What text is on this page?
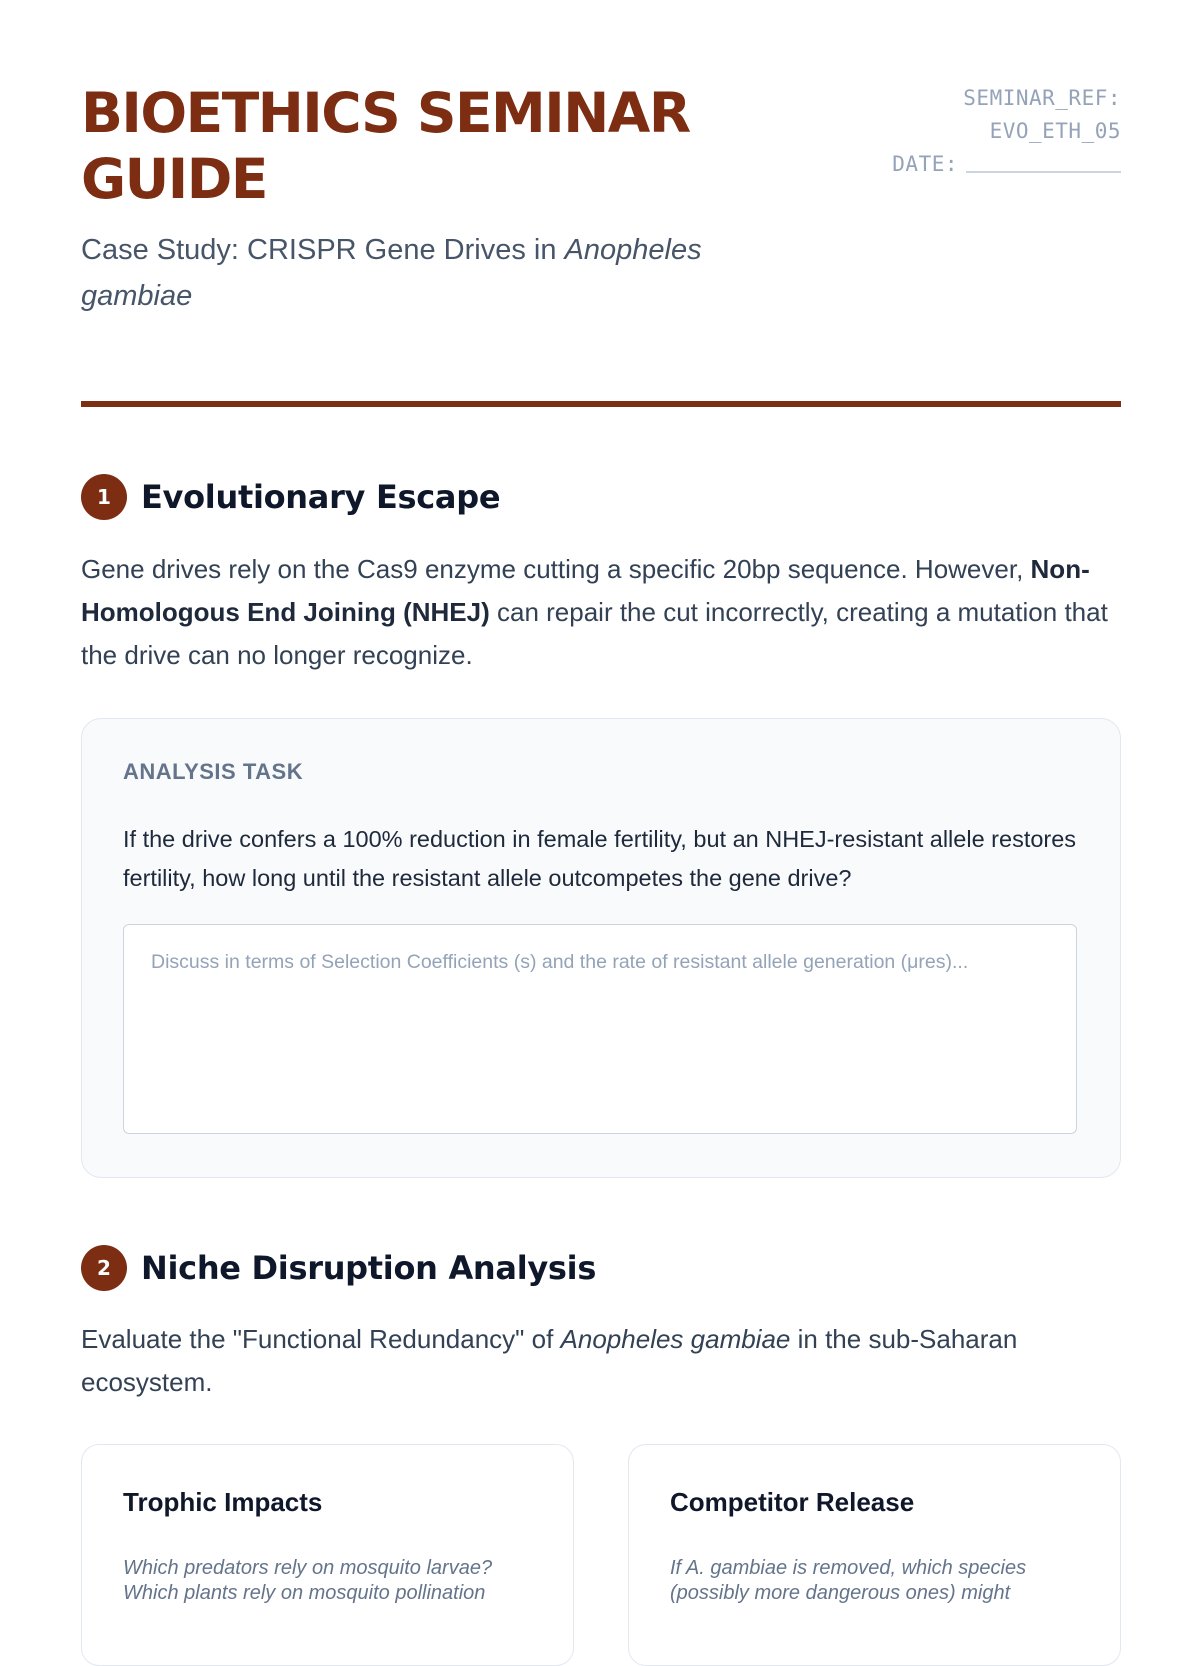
BIOETHICS SEMINAR GUIDE
Case Study: CRISPR Gene Drives in Anopheles gambiae
SEMINAR_REF:
EVO_ETH_05
DATE:
1 Evolutionary Escape

Gene drives rely on the Cas9 enzyme cutting a specific 20bp sequence. However, Non-Homologous End Joining (NHEJ) can repair the cut incorrectly, creating a mutation that the drive can no longer recognize.

ANALYSIS TASK
If the drive confers a 100% reduction in female fertility, but an NHEJ-resistant allele restores fertility, how long until the resistant allele outcompetes the gene drive?
Discuss in terms of Selection Coefficients (s) and the rate of resistant allele generation (μres)...
2 Niche Disruption Analysis

Evaluate the "Functional Redundancy" of Anopheles gambiae in the sub-Saharan ecosystem.

Trophic Impacts
Which predators rely on mosquito larvae? Which plants rely on mosquito pollination
Competitor Release
If A. gambiae is removed, which species (possibly more dangerous ones) might
